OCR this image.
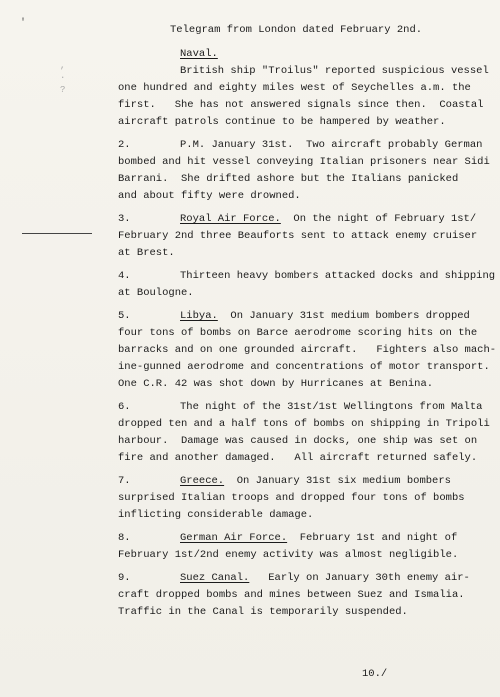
'
,
·
?
Telegram from London dated February 2nd.
Naval.
British ship "Troilus" reported suspicious vessel
one hundred and eighty miles west of Seychelles a.m. the
first.   She has not answered signals since then.  Coastal
aircraft patrols continue to be hampered by weather.
2.	P.M. January 31st.  Two aircraft probably German
bombed and hit vessel conveying Italian prisoners near Sidi
Barrani.  She drifted ashore but the Italians panicked
and about fifty were drowned.
3.	Royal Air Force.  On the night of February 1st/
February 2nd three Beauforts sent to attack enemy cruiser
at Brest.
4.	Thirteen heavy bombers attacked docks and shipping
at Boulogne.
5.	Libya.  On January 31st medium bombers dropped
four tons of bombs on Barce aerodrome scoring hits on the
barracks and on one grounded aircraft.   Fighters also mach-
ine-gunned aerodrome and concentrations of motor transport.
One C.R. 42 was shot down by Hurricanes at Benina.
6.	The night of the 31st/1st Wellingtons from Malta
dropped ten and a half tons of bombs on shipping in Tripoli
harbour.  Damage was caused in docks, one ship was set on
fire and another damaged.   All aircraft returned safely.
7.	Greece.  On January 31st six medium bombers
surprised Italian troops and dropped four tons of bombs
inflicting considerable damage.
8.	German Air Force.  February 1st and night of
February 1st/2nd enemy activity was almost negligible.
9.	Suez Canal.   Early on January 30th enemy air-
craft dropped bombs and mines between Suez and Ismalia.
Traffic in the Canal is temporarily suspended.
10./
